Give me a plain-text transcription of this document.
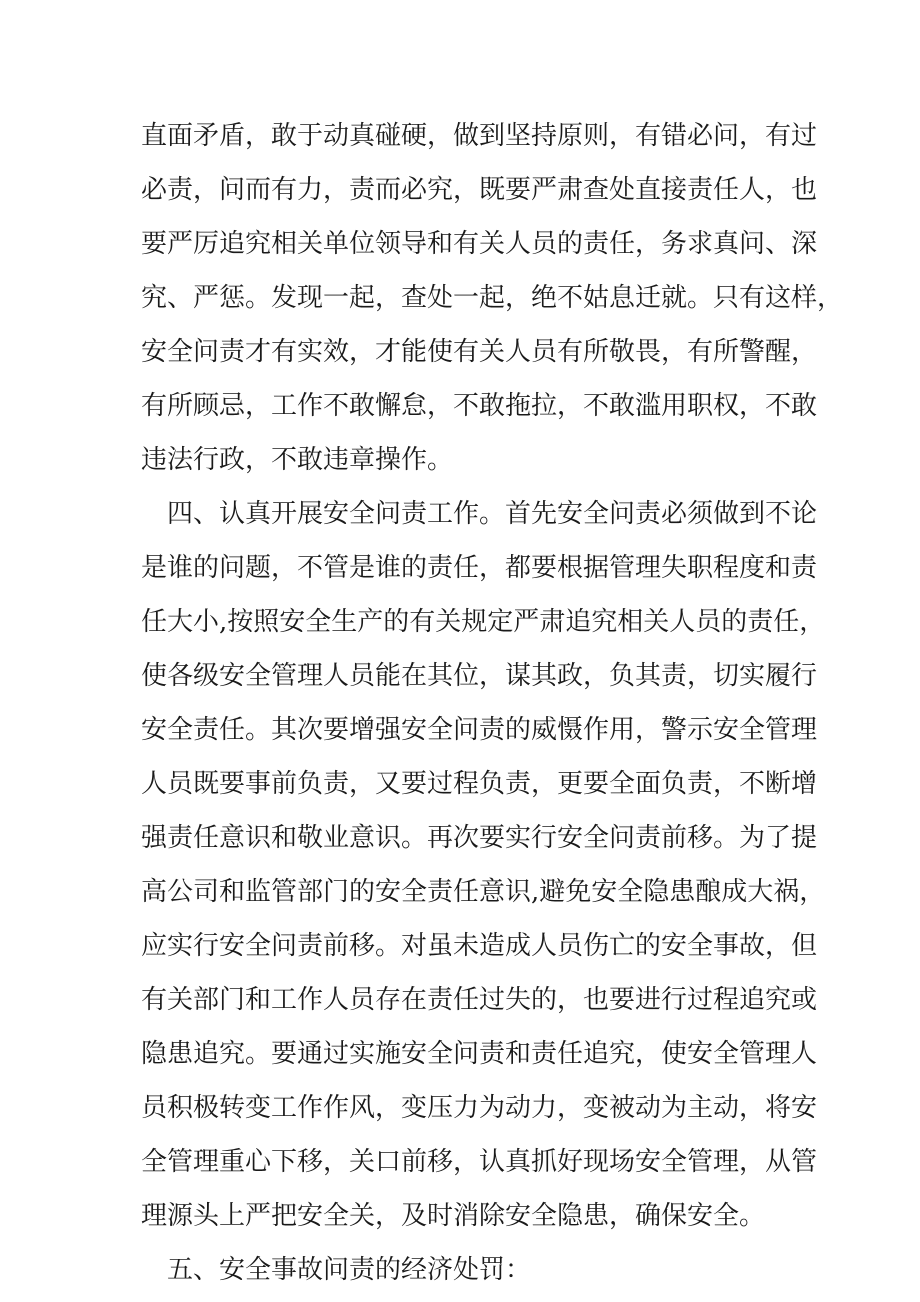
直面矛盾，敢于动真碰硬，做到坚持原则，有错必问，有过
必责，问而有力，责而必究，既要严肃查处直接责任人，也
要严厉追究相关单位领导和有关人员的责任，务求真问、深
究、严惩。发现一起，查处一起，绝不姑息迁就。只有这样，
安全问责才有实效，才能使有关人员有所敬畏，有所警醒，
有所顾忌，工作不敢懈怠，不敢拖拉，不敢滥用职权，不敢
违法行政，不敢违章操作。
四、认真开展安全问责工作。首先安全问责必须做到不论
是谁的问题，不管是谁的责任，都要根据管理失职程度和责
任大小,按照安全生产的有关规定严肃追究相关人员的责任，
使各级安全管理人员能在其位，谋其政，负其责，切实履行
安全责任。其次要增强安全问责的威慑作用，警示安全管理
人员既要事前负责，又要过程负责，更要全面负责，不断增
强责任意识和敬业意识。再次要实行安全问责前移。为了提
高公司和监管部门的安全责任意识,避免安全隐患酿成大祸，
应实行安全问责前移。对虽未造成人员伤亡的安全事故，但
有关部门和工作人员存在责任过失的，也要进行过程追究或
隐患追究。要通过实施安全问责和责任追究，使安全管理人
员积极转变工作作风，变压力为动力，变被动为主动，将安
全管理重心下移，关口前移，认真抓好现场安全管理，从管
理源头上严把安全关，及时消除安全隐患，确保安全。
五、安全事故问责的经济处罚：
